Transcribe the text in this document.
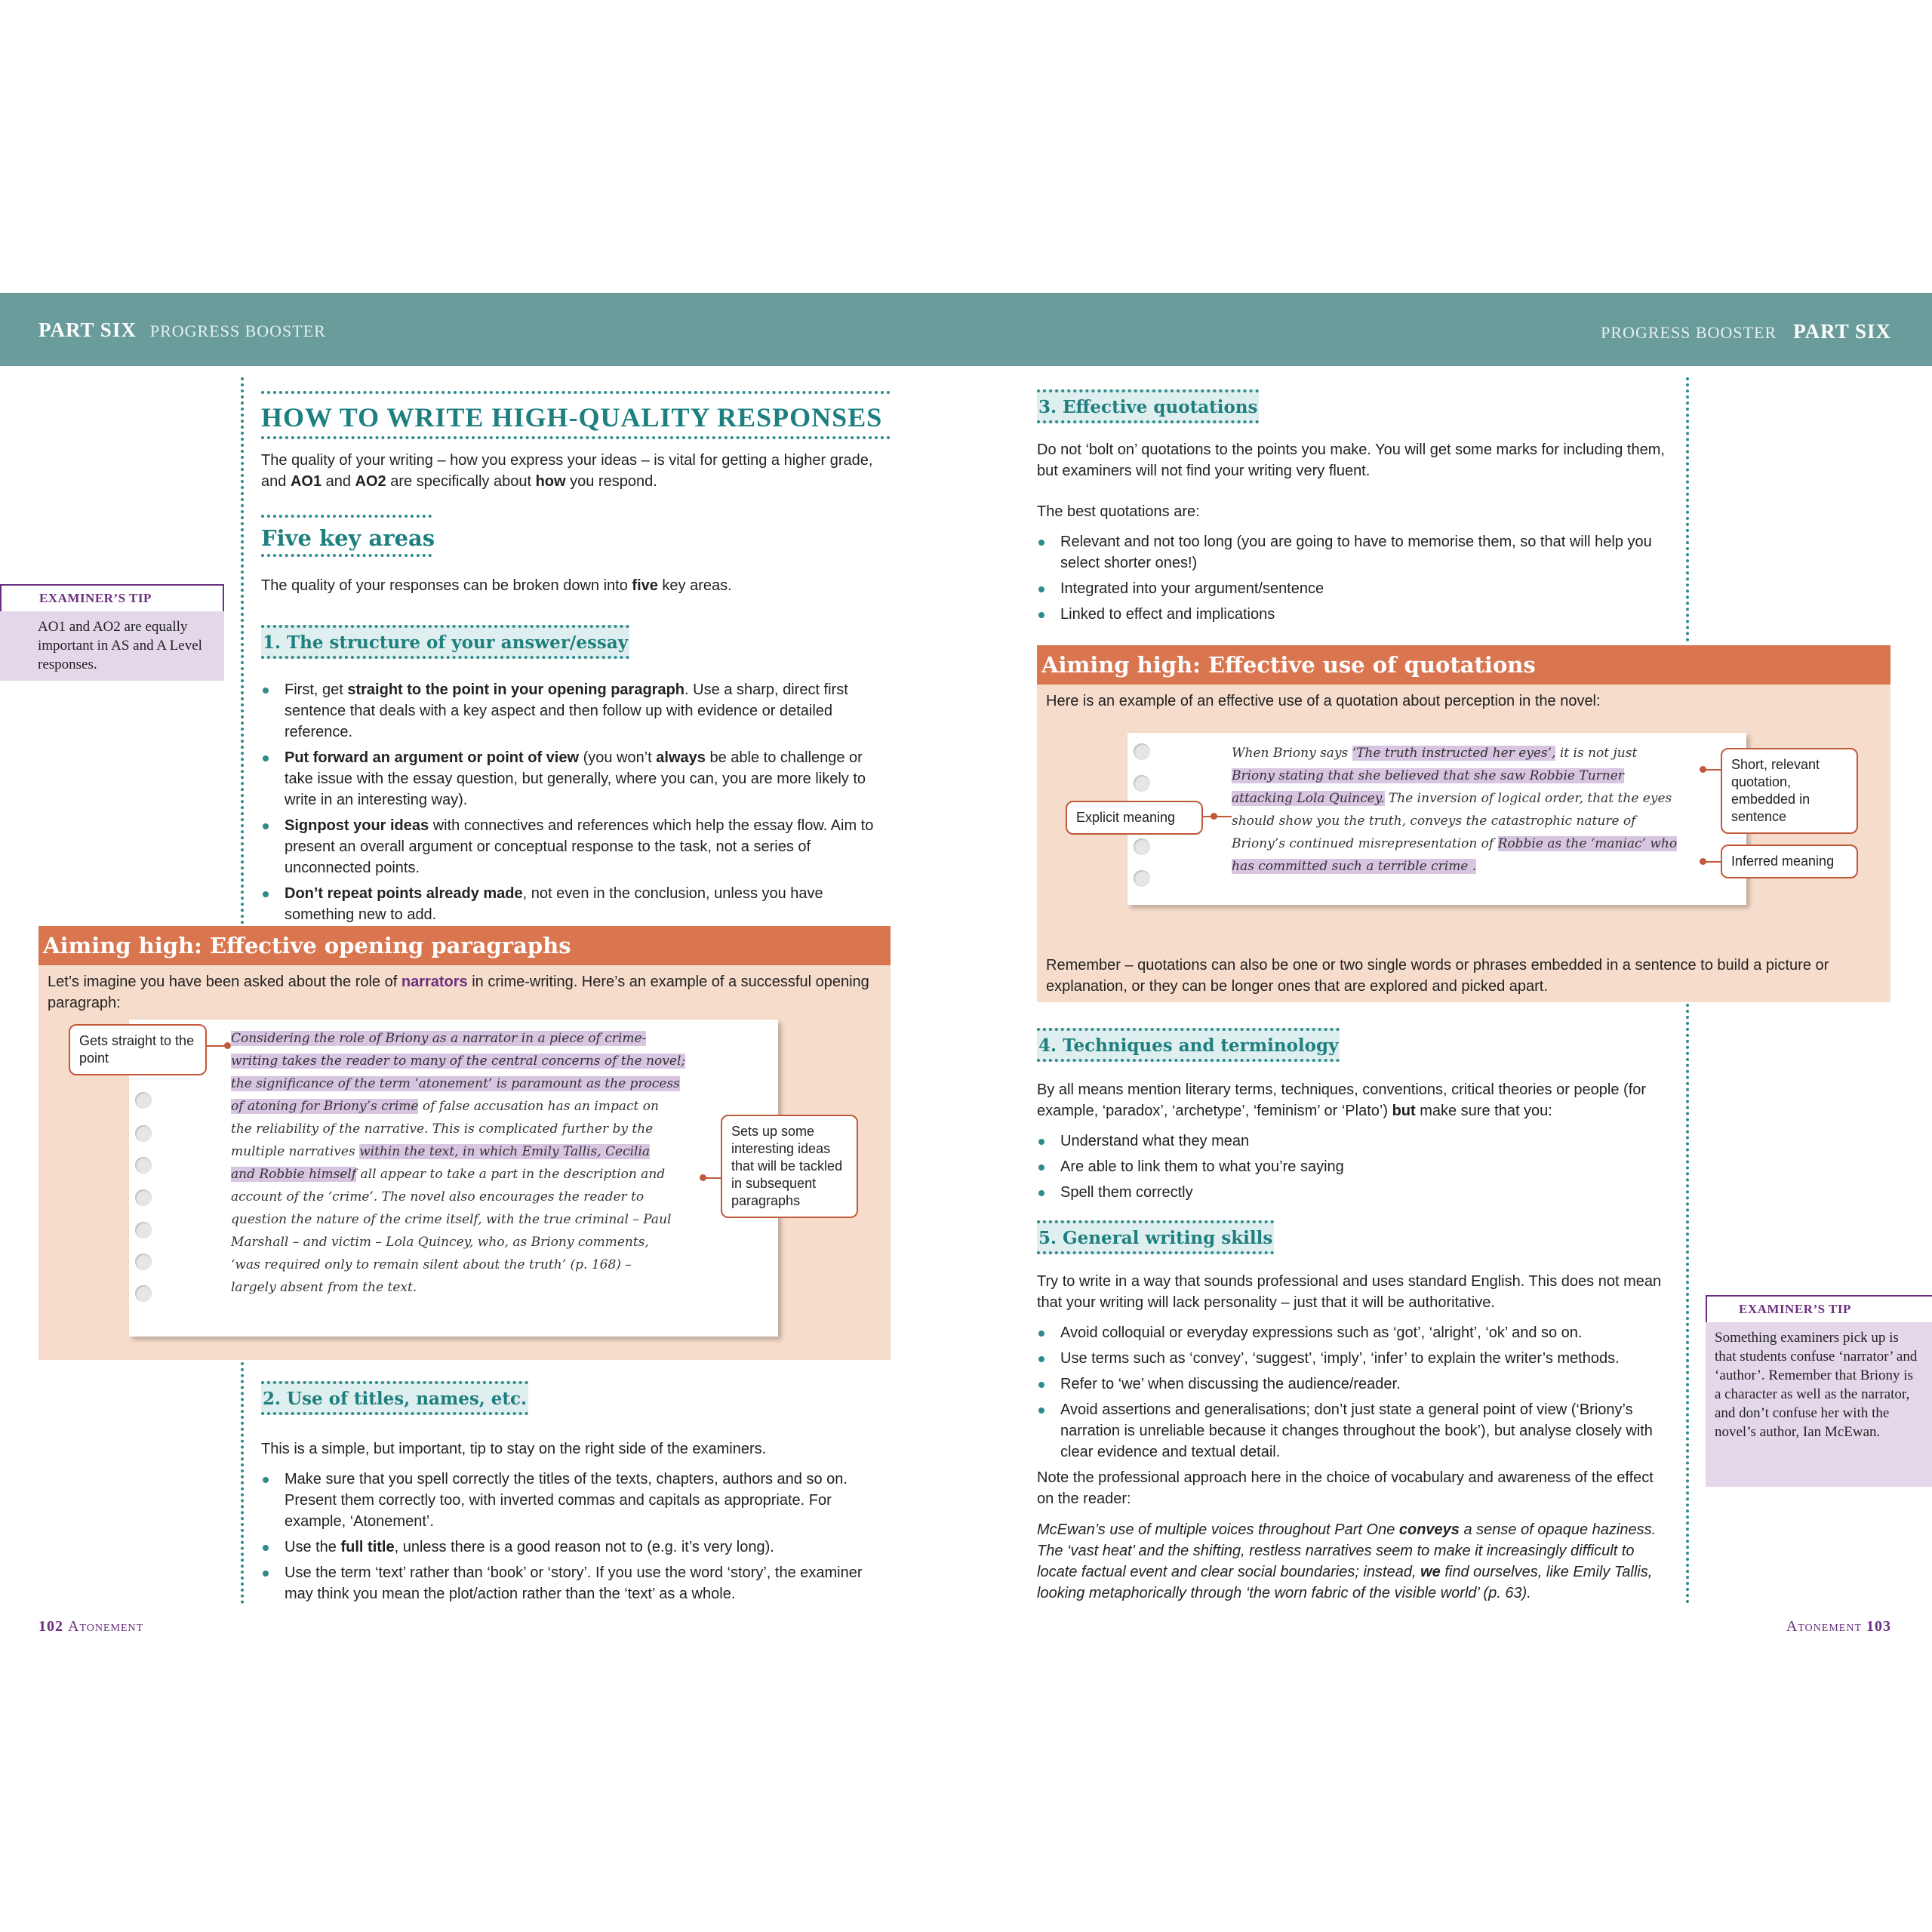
PART SIX PROGRESS BOOSTER	PROGRESS BOOSTER PART SIX
HOW TO WRITE HIGH-QUALITY RESPONSES
The quality of your writing – how you express your ideas – is vital for getting a higher grade, and AO1 and AO2 are specifically about how you respond.
Five key areas
The quality of your responses can be broken down into five key areas.
1. The structure of your answer/essay
First, get straight to the point in your opening paragraph. Use a sharp, direct first sentence that deals with a key aspect and then follow up with evidence or detailed reference.
Put forward an argument or point of view (you won’t always be able to challenge or take issue with the essay question, but generally, where you can, you are more likely to write in an interesting way).
Signpost your ideas with connectives and references which help the essay flow. Aim to present an overall argument or conceptual response to the task, not a series of unconnected points.
Don’t repeat points already made, not even in the conclusion, unless you have something new to add.
EXAMINER’S TIP
AO1 and AO2 are equally important in AS and A Level responses.
Aiming high: Effective opening paragraphs
Let’s imagine you have been asked about the role of narrators in crime-writing. Here’s an example of a successful opening paragraph:
Considering the role of Briony as a narrator in a piece of crime-
writing takes the reader to many of the central concerns of the novel;
the significance of the term ‘atonement’ is paramount as the process
of atoning for Briony’s crime of false accusation has an impact on
the reliability of the narrative. This is complicated further by the
multiple narratives within the text, in which Emily Tallis, Cecilia
and Robbie himself all appear to take a part in the description and
account of the ‘crime’. The novel also encourages the reader to
question the nature of the crime itself, with the true criminal – Paul
Marshall – and victim – Lola Quincey, who, as Briony comments,
‘was required only to remain silent about the truth’ (p. 168) –
largely absent from the text.
Gets straight to the point
Sets up some interesting ideas that will be tackled in subsequent paragraphs
2. Use of titles, names, etc.
This is a simple, but important, tip to stay on the right side of the examiners.
Make sure that you spell correctly the titles of the texts, chapters, authors and so on. Present them correctly too, with inverted commas and capitals as appropriate. For example, ‘Atonement’.
Use the full title, unless there is a good reason not to (e.g. it’s very long).
Use the term ‘text’ rather than ‘book’ or ‘story’. If you use the word ‘story’, the examiner may think you mean the plot/action rather than the ‘text’ as a whole.
102 Atonement
3. Effective quotations
Do not ‘bolt on’ quotations to the points you make. You will get some marks for including them, but examiners will not find your writing very fluent.
The best quotations are:
Relevant and not too long (you are going to have to memorise them, so that will help you select shorter ones!)
Integrated into your argument/sentence
Linked to effect and implications
Aiming high: Effective use of quotations
Here is an example of an effective use of a quotation about perception in the novel:
When Briony says ‘The truth instructed her eyes’, it is not just
Briony stating that she believed that she saw Robbie Turner
attacking Lola Quincey. The inversion of logical order, that the eyes
should show you the truth, conveys the catastrophic nature of
Briony’s continued misrepresentation of Robbie as the ‘maniac’ who
has committed such a terrible crime .
Explicit meaning
Short, relevant quotation, embedded in sentence
Inferred meaning
Remember – quotations can also be one or two single words or phrases embedded in a sentence to build a picture or explanation, or they can be longer ones that are explored and picked apart.
4. Techniques and terminology
By all means mention literary terms, techniques, conventions, critical theories or people (for example, ‘paradox’, ‘archetype’, ‘feminism’ or ‘Plato’) but make sure that you:
Understand what they mean
Are able to link them to what you’re saying
Spell them correctly
5. General writing skills
Try to write in a way that sounds professional and uses standard English. This does not mean that your writing will lack personality – just that it will be authoritative.
Avoid colloquial or everyday expressions such as ‘got’, ‘alright’, ‘ok’ and so on.
Use terms such as ‘convey’, ‘suggest’, ‘imply’, ‘infer’ to explain the writer’s methods.
Refer to ‘we’ when discussing the audience/reader.
Avoid assertions and generalisations; don’t just state a general point of view (‘Briony’s narration is unreliable because it changes throughout the book’), but analyse closely with clear evidence and textual detail.
Note the professional approach here in the choice of vocabulary and awareness of the effect on the reader:
McEwan’s use of multiple voices throughout Part One conveys a sense of opaque haziness. The ‘vast heat’ and the shifting, restless narratives seem to make it increasingly difficult to locate factual event and clear social boundaries; instead, we find ourselves, like Emily Tallis, looking metaphorically through ‘the worn fabric of the visible world’ (p. 63).
EXAMINER’S TIP
Something examiners pick up is that students confuse ‘narrator’ and ‘author’. Remember that Briony is a character as well as the narrator, and don’t confuse her with the novel’s author, Ian McEwan.
Atonement 103
